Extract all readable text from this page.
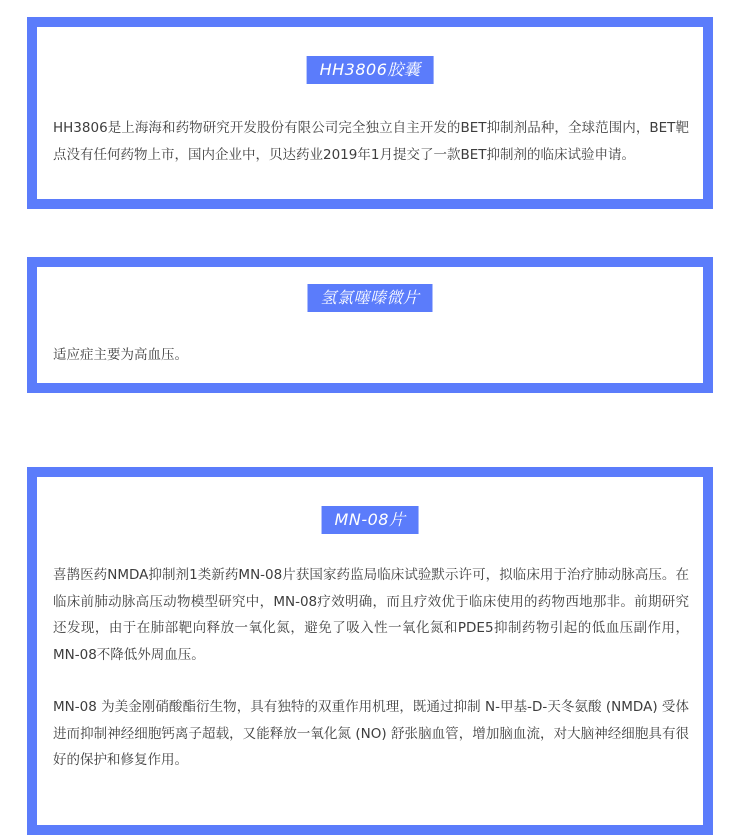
HH3806胶囊

HH3806是上海海和药物研究开发股份有限公司完全独立自主开发的BET抑制剂品种，全球范围内，BET靶点没有任何药物上市，国内企业中，贝达药业2019年1月提交了一款BET抑制剂的临床试验申请。

氢氯噻嗪微片

适应症主要为高血压。

MN-08片

喜鹊医药NMDA抑制剂1类新药MN-08片获国家药监局临床试验默示许可，拟临床用于治疗肺动脉高压。在临床前肺动脉高压动物模型研究中，MN-08疗效明确，而且疗效优于临床使用的药物西地那非。前期研究还发现，由于在肺部靶向释放一氧化氮，避免了吸入性一氧化氮和PDE5抑制药物引起的低血压副作用，MN-08不降低外周血压。

MN-08 为美金刚硝酸酯衍生物，具有独特的双重作用机理，既通过抑制 N-甲基-D-天冬氨酸 (NMDA) 受体进而抑制神经细胞钙离子超载，又能释放一氧化氮 (NO) 舒张脑血管，增加脑血流，对大脑神经细胞具有很好的保护和修复作用。
